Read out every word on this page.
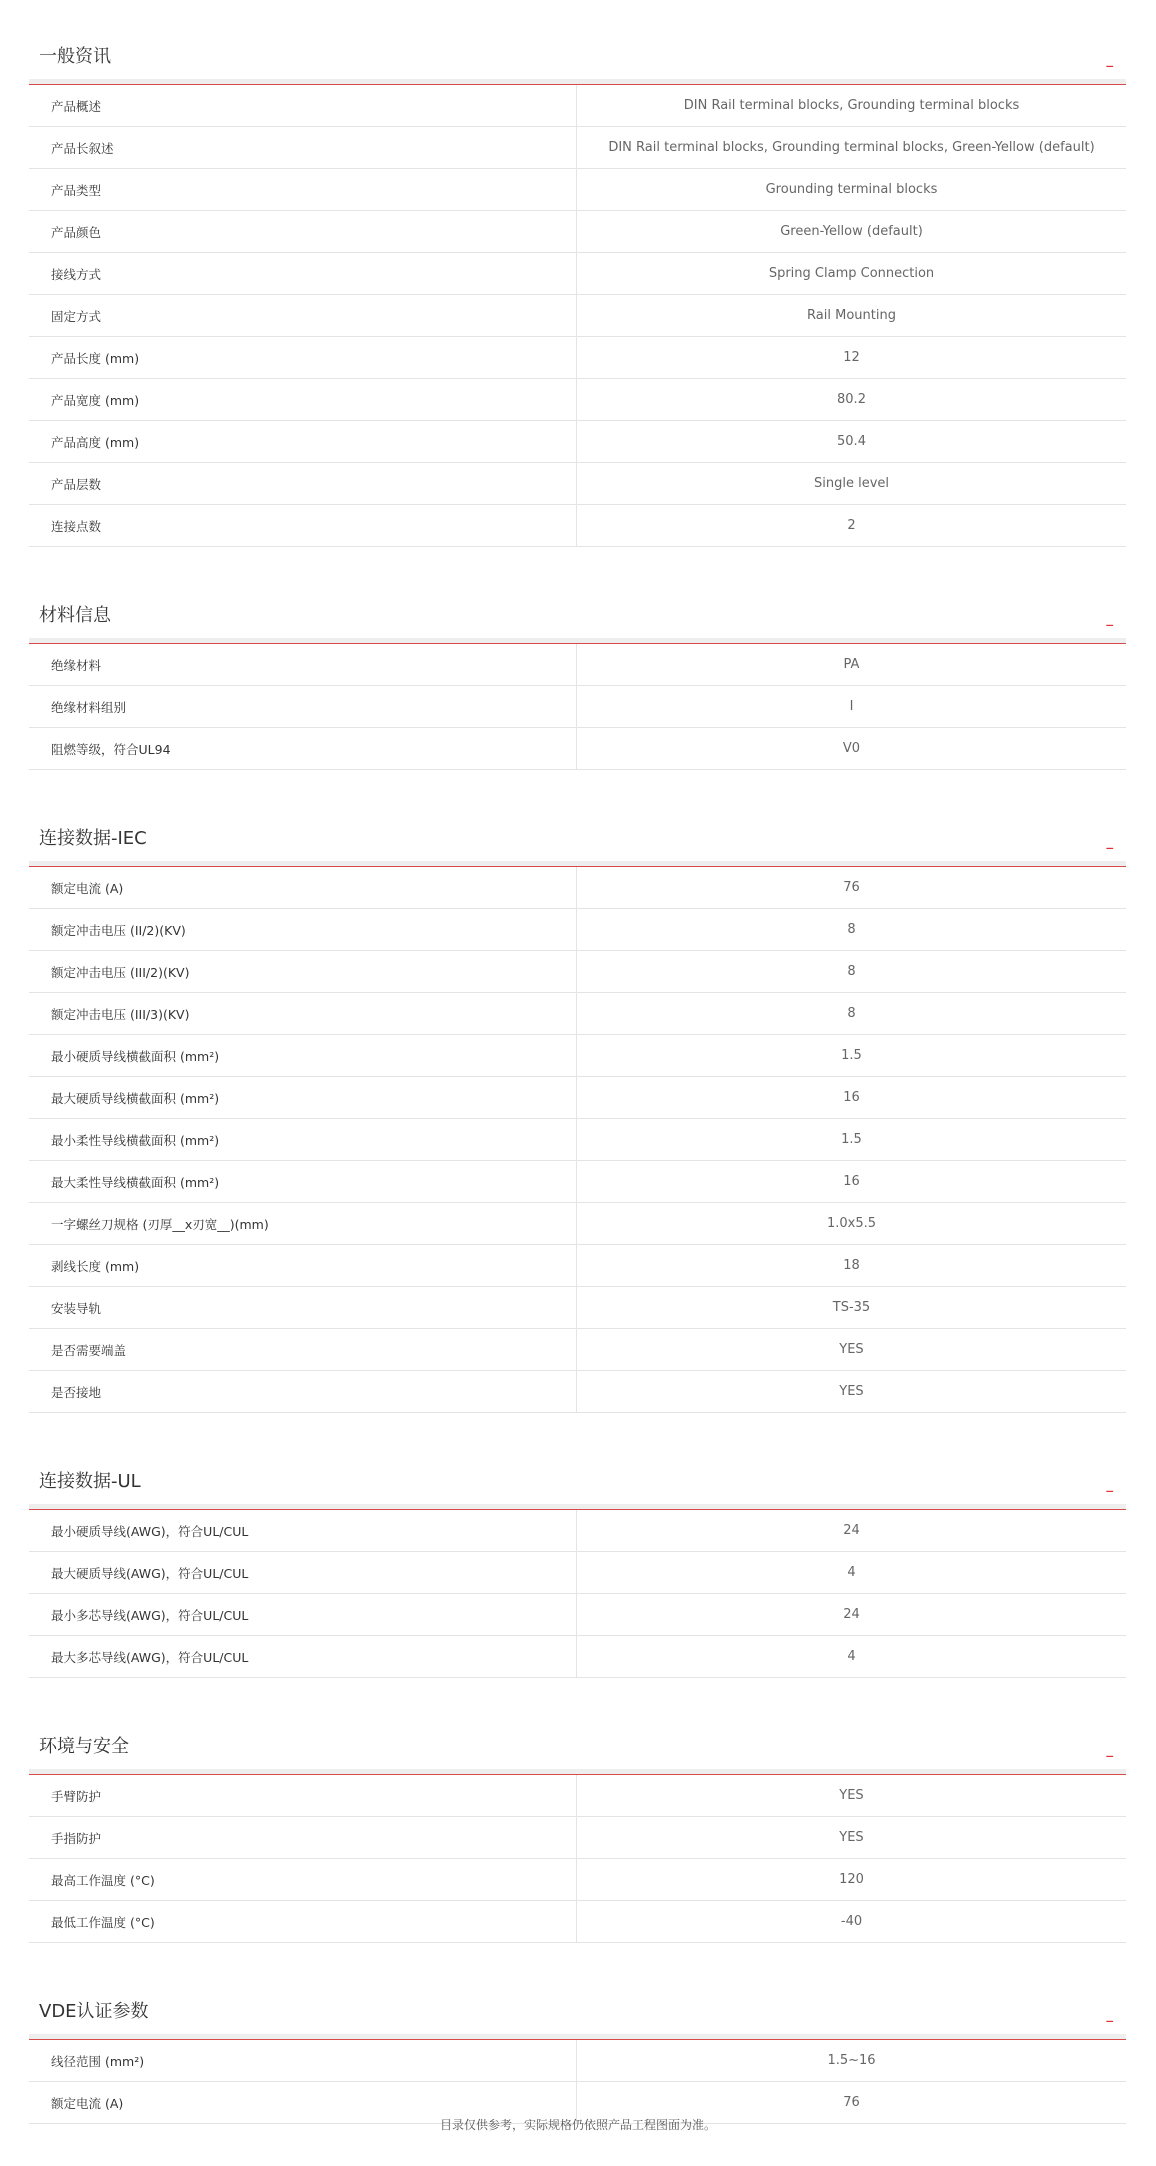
一般资讯	–
产品概述	DIN Rail terminal blocks, Grounding terminal blocks
产品长叙述	DIN Rail terminal blocks, Grounding terminal blocks, Green-Yellow (default)
产品类型	Grounding terminal blocks
产品颜色	Green-Yellow (default)
接线方式	Spring Clamp Connection
固定方式	Rail Mounting
产品长度 (mm)	12
产品宽度 (mm)	80.2
产品高度 (mm)	50.4
产品层数	Single level
连接点数	2
材料信息	–
绝缘材料	PA
绝缘材料组别	I
阻燃等级，符合UL94	V0
连接数据-IEC	–
额定电流 (A)	76
额定冲击电压 (II/2)(KV)	8
额定冲击电压 (III/2)(KV)	8
额定冲击电压 (III/3)(KV)	8
最小硬质导线横截面积 (mm²)	1.5
最大硬质导线横截面积 (mm²)	16
最小柔性导线横截面积 (mm²)	1.5
最大柔性导线横截面积 (mm²)	16
一字螺丝刀规格 (刃厚__x刃宽__)(mm)	1.0x5.5
剥线长度 (mm)	18
安装导轨	TS-35
是否需要端盖	YES
是否接地	YES
连接数据-UL	–
最小硬质导线(AWG)，符合UL/CUL	24
最大硬质导线(AWG)，符合UL/CUL	4
最小多芯导线(AWG)，符合UL/CUL	24
最大多芯导线(AWG)，符合UL/CUL	4
环境与安全	–
手臂防护	YES
手指防护	YES
最高工作温度 (°C)	120
最低工作温度 (°C)	-40
VDE认证参数	–
线径范围 (mm²)	1.5~16
额定电流 (A)	76
目录仅供参考，实际规格仍依照产品工程图面为准。
